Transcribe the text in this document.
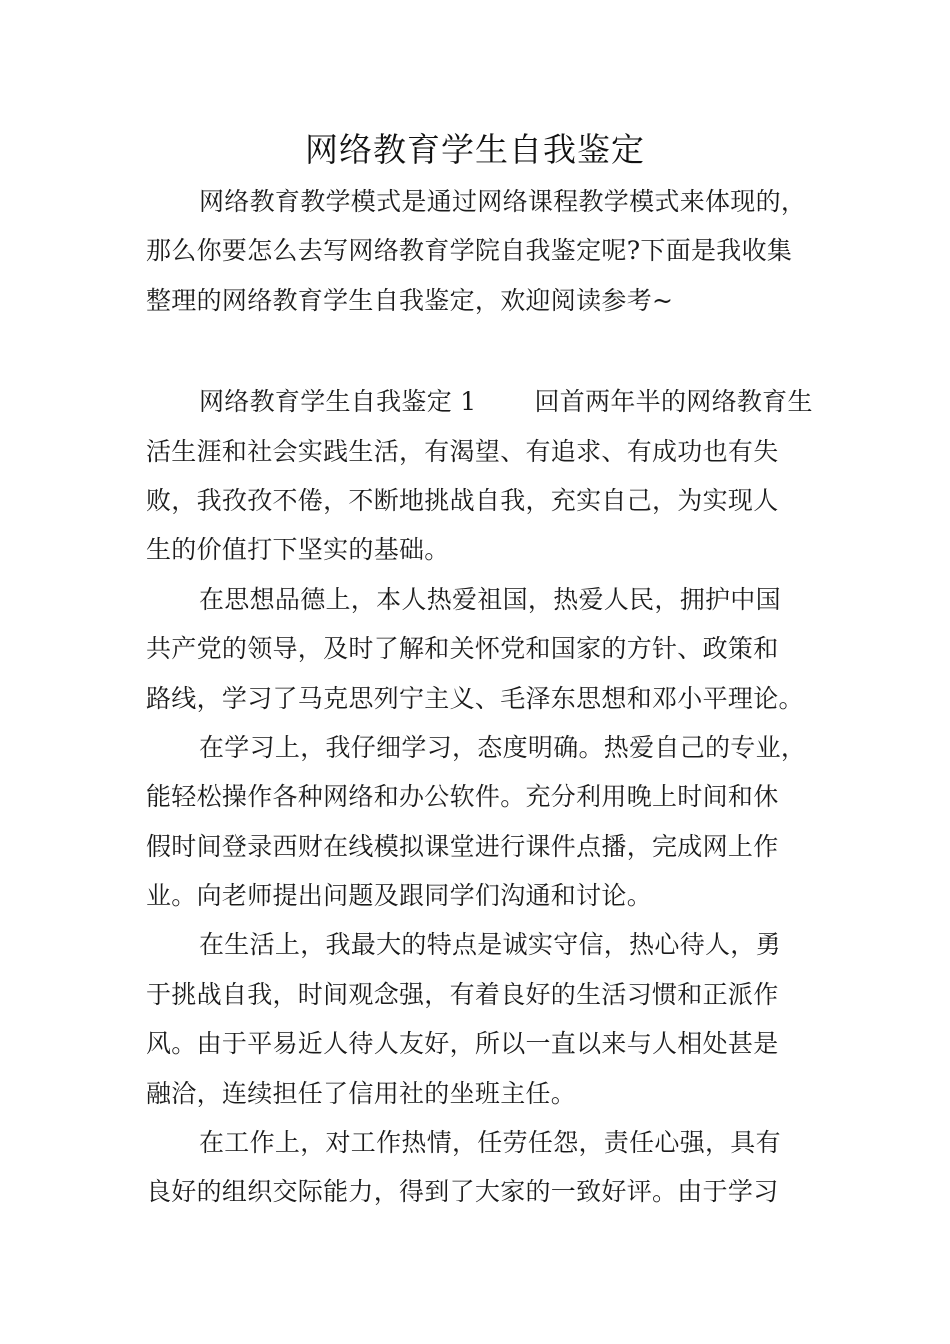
网络教育学生自我鉴定
网络教育教学模式是通过网络课程教学模式来体现的，
那么你要怎么去写网络教育学院自我鉴定呢?下面是我收集
整理的网络教育学生自我鉴定，欢迎阅读参考~
网络教育学生自我鉴定 1 回首两年半的网络教育生
活生涯和社会实践生活，有渴望、有追求、有成功也有失
败，我孜孜不倦，不断地挑战自我，充实自己，为实现人
生的价值打下坚实的基础。
在思想品德上，本人热爱祖国，热爱人民，拥护中国
共产党的领导，及时了解和关怀党和国家的方针、政策和
路线，学习了马克思列宁主义、毛泽东思想和邓小平理论。
在学习上，我仔细学习，态度明确。热爱自己的专业，
能轻松操作各种网络和办公软件。充分利用晚上时间和休
假时间登录西财在线模拟课堂进行课件点播，完成网上作
业。向老师提出问题及跟同学们沟通和讨论。
在生活上，我最大的特点是诚实守信，热心待人，勇
于挑战自我，时间观念强，有着良好的生活习惯和正派作
风。由于平易近人待人友好，所以一直以来与人相处甚是
融洽，连续担任了信用社的坐班主任。
在工作上，对工作热情，任劳任怨，责任心强，具有
良好的组织交际能力，得到了大家的一致好评。由于学习
